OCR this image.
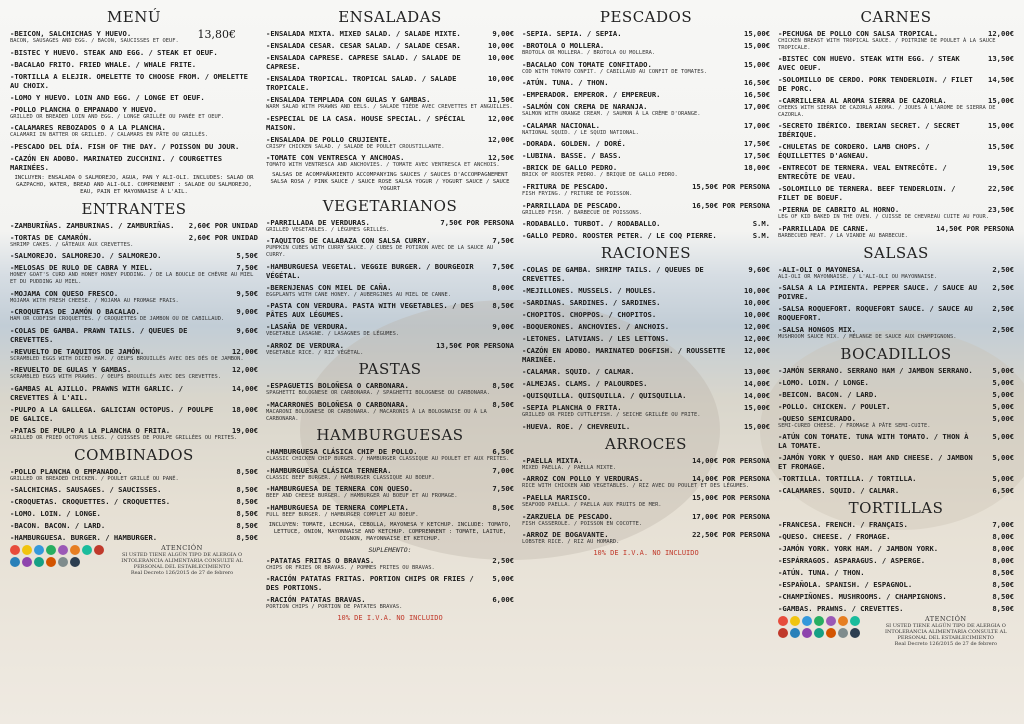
MENÚ
13,80€
-BEICON, SALCHICHAS Y HUEVO.
BACON, SAUSAGES AND EGG. / BACON, SAUCISSES ET OEUF.
-BISTEC Y HUEVO. STEAK AND EGG. / STEAK ET OEUF.
-BACALAO FRITO. FRIED WHALE. / WHALE FRITE.
-TORTILLA A ELEJIR. OMELETTE TO CHOOSE FROM. / OMELETTE AU CHOIX.
-LOMO Y HUEVO. LOIN AND EGG. / LONGE ET OEUF.
-POLLO PLANCHA O EMPANADO Y HUEVO.
GRILLED OR BREADED LOIN AND EGG. / LONGE GRILLÉE OU PANÉE ET OEUF.
-CALAMARES REBOZADOS O A LA PLANCHA.
CALAMARI IN BATTER OR GRILLED. / CALAMARS EN PÂTE OU GRILLÉS.
-PESCADO DEL DÍA. FISH OF THE DAY. / POISSON DU JOUR.
-CAZÓN EN ADOBO. MARINATED ZUCCHINI. / COURGETTES MARINÉES.
INCLUYEN: ENSALADA O SALMOREJO, AGUA, PAN Y ALI-OLI. INCLUDES: SALAD OR GAZPACHO, WATER, BREAD AND ALI-OLI. COMPRENNENT : SALADE OU SALMOREJO, EAU, PAIN ET MAYONNAISE À L'AIL.
ENTRANTES
-ZAMBURIÑAS. ZAMBURINAS. / ZAMBURIÑAS.	2,60€ POR UNIDAD
-TORTAS DE CAMARÓN.	2,60€ POR UNIDAD
SHRIMP CAKES. / GÂTEAUX AUX CREVETTES.
-SALMOREJO. SALMOREJO. / SALMOREJO.	5,50€
-MELOSAS DE RULO DE CABRA Y MIEL.	7,50€
HONEY GOAT'S CURD AND HONEY HONEY PUDDING. / DE LA BOUCLE DE CHÈVRE AU MIEL ET DU PUDDING AU MIEL.
-MOJAMA CON QUESO FRESCO.	9,50€
MOJAMA WITH FRESH CHEESE. / MOJAMA AU FROMAGE FRAIS.
-CROQUETAS DE JAMÓN O BACALAO.	9,00€
HAM OR CODFISH CROQUETTES. / CROQUETTES DE JAMBON OU DE CABILLAUD.
-COLAS DE GAMBA. PRAWN TAILS. / QUEUES DE CREVETTES.
9,60€
-REVUELTO DE TAQUITOS DE JAMÓN.	12,00€
SCRAMBLED EGGS WITH DICED HAM. / OEUFS BROUILLÉS AVEC DES DÉS DE JAMBON.
-REVUELTO DE GULAS Y GAMBAS.	12,00€
SCRAMBLED EGGS WITH PRAWNS. / OEUFS BROUILLÉS AVEC DES CREVETTES.
-GAMBAS AL AJILLO. PRAWNS WITH GARLIC. / CREVETTES À L'AIL.
14,00€
-PULPO A LA GALLEGA. GALICIAN OCTOPUS. / POULPE DE GALICE.
18,00€
-PATAS DE PULPO A LA PLANCHA O FRITA.	19,00€
GRILLED OR FRIED OCTOPUS LEGS. / CUISSES DE POULPE GRILLÉES OU FRITES.
COMBINADOS
-POLLO PLANCHA O EMPANADO.	8,50€
GRILLED OR BREADED CHICKEN. / POULET GRILLÉ OU PANÉ.
-SALCHICHAS. SAUSAGES. / SAUCISSES.	8,50€
-CROQUETAS. CROQUETTES. / CROQUETTES.	8,50€
-LOMO. LOIN. / LONGE.	8,50€
-BACON. BACON. / LARD.	8,50€
-HAMBURGUESA. BURGER. / HAMBURGER.	8,50€
ATENCIÓN
SI USTED TIENE ALGÚN TIPO DE ALERGIA O INTOLERANCIA ALIMENTARIA CONSULTE AL PERSONAL DEL ESTABLECIMIENTO
Real Decreto 126/2015 de 27 de febrero
ENSALADAS
-ENSALADA MIXTA. MIXED SALAD. / SALADE MIXTE.	9,00€
-ENSALADA CESAR. CESAR SALAD. / SALADE CESAR.	10,00€
-ENSALADA CAPRESE. CAPRESE SALAD. / SALADE DE CAPRESE.
10,00€
-ENSALADA TROPICAL. TROPICAL SALAD. / SALADE TROPICALE.
10,00€
-ENSALADA TEMPLADA CON GULAS Y GAMBAS.	11,50€
WARM SALAD WITH PRAWNS AND EELS. / SALADE TIÈDE AVEC CREVETTES ET ANGUILLES.
-ESPECIAL DE LA CASA. HOUSE SPECIAL. / SPÉCIAL MAISON.
12,00€
-ENSALADA DE POLLO CRUJIENTE.	12,00€
CRISPY CHICKEN SALAD. / SALADE DE POULET CROUSTILLANTE.
-TOMATE CON VENTRESCA Y ANCHOAS.	12,50€
TOMATO WITH VENTRESCA AND ANCHOVIES. / TOMATE AVEC VENTRESCA ET ANCHOIS.
SALSAS DE ACOMPAÑAMIENTO ACCOMPANYING SAUCES / SAUCES D'ACCOMPAGNEMENT SALSA ROSA / PINK SAUCE / SAUCE ROSE SALSA YOGUR / YOGURT SAUCE / SAUCE YOGURT
VEGETARIANOS
-PARRILLADA DE VERDURAS.	7,50€ POR PERSONA
GRILLED VEGETABLES. / LÉGUMES GRILLÉS.
-TAQUITOS DE CALABAZA CON SALSA CURRY.	7,50€
PUMPKIN CUBES WITH CURRY SAUCE. / CUBES DE POTIRON AVEC DE LA SAUCE AU CURRY.
-HAMBURGUESA VEGETAL. VEGGIE BURGER. / BOURGEOIR VÉGÉTAL.
7,50€
-BERENJENAS CON MIEL DE CAÑA.	8,00€
EGGPLANTS WITH CANE HONEY. / AUBERGINES AU MIEL DE CANNE.
-PASTA CON VERDURA. PASTA WITH VEGETABLES. / DES PÂTES AUX LÉGUMES.
8,50€
-LASAÑA DE VERDURA.	9,00€
VEGETABLE LASAGNE. / LASAGNES DE LÉGUMES.
-ARROZ DE VERDURA.	13,50€ POR PERSONA
VEGETABLE RICE. / RIZ VÉGÉTAL.
PASTAS
-ESPAGUETIS BOLOÑESA O CARBONARA.	8,50€
SPAGHETTI BOLOGNESE OR CARBONARA. / SPAGHETTI BOLOGNESE OU CARBONARA.
-MACARRONES BOLOÑESA O CARBONARA.	8,50€
MACARONI BOLOGNESE OR CARBONARA. / MACARONIS À LA BOLOGNAISE OU À LA CARBONARA.
HAMBURGUESAS
-HAMBURGUESA CLÁSICA CHIP DE POLLO.	6,50€
CLASSIC CHICKEN CHIP BURGER. / HAMBURGER CLASSIQUE AU POULET ET AUX FRITES.
-HAMBURGUESA CLÁSICA TERNERA.	7,00€
CLASSIC BEEF BURGER. / HAMBURGER CLASSIQUE AU BOEUF.
-HAMBURGUESA DE TERNERA CON QUESO.	7,50€
BEEF AND CHEESE BURGER. / HAMBURGER AU BOEUF ET AU FROMAGE.
-HAMBURGUESA DE TERNERA COMPLETA.	8,50€
FULL BEEF BURGER. / HAMBURGER COMPLET AU BOEUF.
INCLUYEN: TOMATE, LECHUGA, CEBOLLA, MAYONESA Y KETCHUP. INCLUDE: TOMATO, LETTUCE, ONION, MAYONNAISE AND KETCHUP. COMPRENNENT : TOMATE, LAITUE, OIGNON, MAYONNAISE ET KETCHUP.
SUPLEMENTO:
-PATATAS FRITAS O BRAVAS.	2,50€
CHIPS OR FRIES OR BRAVAS. / POMMES FRITES OU BRAVAS.
-RACIÓN PATATAS FRITAS. PORTION CHIPS OR FRIES / DES PORTIONS.
5,00€
-RACIÓN PATATAS BRAVAS.	6,00€
PORTION CHIPS / PORTION DE PATATES BRAVAS.
10% DE I.V.A. NO INCLUIDO
PESCADOS
-SEPIA. SEPIA. / SEPIA.	15,00€
-BROTOLA O MOLLERA.	15,00€
BROTOLA OR MOLLERA. / BROTOLA OU MOLLERA.
-BACALAO CON TOMATE CONFITADO.	15,00€
COD WITH TOMATO CONFIT. / CABILLAUD AU CONFIT DE TOMATES.
-ATÚN. TUNA. / THON.	16,50€
-EMPERADOR. EMPEROR. / EMPEREUR.	16,50€
-SALMÓN CON CREMA DE NARANJA.	17,00€
SALMON WITH ORANGE CREAM. / SAUMON À LA CRÈME D'ORANGE.
-CALAMAR NACIONAL.	17,00€
NATIONAL SQUID. / LE SQUID NATIONAL.
-DORADA. GOLDEN. / DORÉ.	17,50€
-LUBINA. BASSE. / BASS.	17,50€
-BRICK DE GALLO PEDRO.	18,00€
BRICK OF ROOSTER PEDRO. / BRIQUE DE GALLO PEDRO.
-FRITURA DE PESCADO.	15,50€ POR PERSONA
FISH FRYING. / FRITURE DE POISSON.
-PARRILLADA DE PESCADO.	16,50€ POR PERSONA
GRILLED FISH. / BARBECUE DE POISSONS.
-RODABALLO. TURBOT. / RODABALLO.	S.M.
-GALLO PEDRO. ROOSTER PETER. / LE COQ PIERRE.	S.M.
RACIONES
-COLAS DE GAMBA. SHRIMP TAILS. / QUEUES DE CREVETTES.
9,60€
-MEJILLONES. MUSSELS. / MOULES.	10,00€
-SARDINAS. SARDINES. / SARDINES.	10,00€
-CHOPITOS. CHOPPOS. / CHOPITOS.	10,00€
-BOQUERONES. ANCHOVIES. / ANCHOIS.	12,00€
-LETONES. LATVIANS. / LES LETTONS.	12,00€
-CAZÓN EN ADOBO. MARINATED DOGFISH. / ROUSSETTE MARINÉE.
12,00€
-CALAMAR. SQUID. / CALMAR.	13,00€
-ALMEJAS. CLAMS. / PALOURDES.	14,00€
-QUISQUILLA. QUISQUILLA. / QUISQUILLA.	14,00€
-SEPIA PLANCHA O FRITA.	15,00€
GRILLED OR FRIED CUTTLEFISH. / SEICHE GRILLÉE OU FRITE.
-HUEVA. ROE. / CHEVREUIL.	15,00€
ARROCES
-PAELLA MIXTA.	14,00€ POR PERSONA
MIXED PAELLA. / PAELLA MIXTE.
-ARROZ CON POLLO Y VERDURAS.	14,00€ POR PERSONA
RICE WITH CHICKEN AND VEGETABLES. / RIZ AVEC DU POULET ET DES LÉGUMES.
-PAELLA MARISCO.	15,00€ POR PERSONA
SEAFOOD PAELLA. / PAELLA AUX FRUITS DE MER.
-ZARZUELA DE PESCADO.	17,00€ POR PERSONA
FISH CASSEROLE. / POISSON EN COCOTTE.
-ARROZ DE BOGAVANTE.	22,50€ POR PERSONA
LOBSTER RICE. / RIZ AU HOMARD.
10% DE I.V.A. NO INCLUIDO
CARNES
-PECHUGA DE POLLO CON SALSA TROPICAL.	12,00€
CHICKEN BREAST WITH TROPICAL SAUCE. / POITRINE DE POULET À LA SAUCE TROPICALE.
-BISTEC CON HUEVO. STEAK WITH EGG. / STEAK AVEC OEUF.
13,50€
-SOLOMILLO DE CERDO. PORK TENDERLOIN. / FILET DE PORC.
14,50€
-CARRILLERA AL AROMA SIERRA DE CAZORLA.	15,00€
CHEEKS WITH SIERRA DE CAZORLA AROMA. / JOUES À L'AROME DE SIERRA DE CAZORLA.
-SECRETO IBÉRICO. IBERIAN SECRET. / SECRET IBÉRIQUE.
15,00€
-CHULETAS DE CORDERO. LAMB CHOPS. / ÉQUILLETTES D'AGNEAU.
15,50€
-ENTRECOT DE TERNERA. VEAL ENTRECÔTE. / ENTRECÔTE DE VEAU.
19,50€
-SOLOMILLO DE TERNERA. BEEF TENDERLOIN. / FILET DE BOEUF.
22,50€
-PIERNA DE CABRITO AL HORNO.	23,50€
LEG OF KID BAKED IN THE OVEN. / CUISSE DE CHEVREAU CUITE AU FOUR.
-PARRILLADA DE CARNE.	14,50€ POR PERSONA
BARBECUED MEAT. / LA VIANDE AU BARBECUE.
SALSAS
-ALI-OLI O MAYONESA.	2,50€
ALI-OLI OR MAYONNAISE. / L'ALI-OLI OU MAYONNAISE.
-SALSA A LA PIMIENTA. PEPPER SAUCE. / SAUCE AU POIVRE.
2,50€
-SALSA ROQUEFORT. ROQUEFORT SAUCE. / SAUCE AU ROQUEFORT.
2,50€
-SALSA HONGOS MIX.	2,50€
MUSHROOM SAUCE MIX. / MÉLANGE DE SAUCE AUX CHAMPIGNONS.
BOCADILLOS
-JAMÓN SERRANO. SERRANO HAM / JAMBON SERRANO.	5,00€
-LOMO. LOIN. / LONGE.	5,00€
-BEICON. BACON. / LARD.	5,00€
-POLLO. CHICKEN. / POULET.	5,00€
-QUESO SEMICURADO.	5,00€
SEMI-CURED CHEESE. / FROMAGE À PÂTE SEMI-CUITE.
-ATÚN CON TOMATE. TUNA WITH TOMATO. / THON À LA TOMATE.
5,00€
-JAMÓN YORK Y QUESO. HAM AND CHEESE. / JAMBON ET FROMAGE.
5,00€
-TORTILLA. TORTILLA. / TORTILLA.	5,00€
-CALAMARES. SQUID. / CALMAR.	6,50€
TORTILLAS
-FRANCESA. FRENCH. / FRANÇAIS.	7,00€
-QUESO. CHEESE. / FROMAGE.	8,00€
-JAMÓN YORK. YORK HAM. / JAMBON YORK.	8,00€
-ESPÁRRAGOS. ASPARAGUS. / ASPERGE.	8,00€
-ATÚN. TUNA. / THON.	8,50€
-ESPAÑOLA. SPANISH. / ESPAGNOL.	8,50€
-CHAMPIÑONES. MUSHROOMS. / CHAMPIGNONS.	8,50€
-GAMBAS. PRAWNS. / CREVETTES.	8,50€
ATENCIÓN
SI USTED TIENE ALGÚN TIPO DE ALERGIA O INTOLERANCIA ALIMENTARIA CONSULTE AL PERSONAL DEL ESTABLECIMIENTO
Real Decreto 126/2015 de 27 de febrero
